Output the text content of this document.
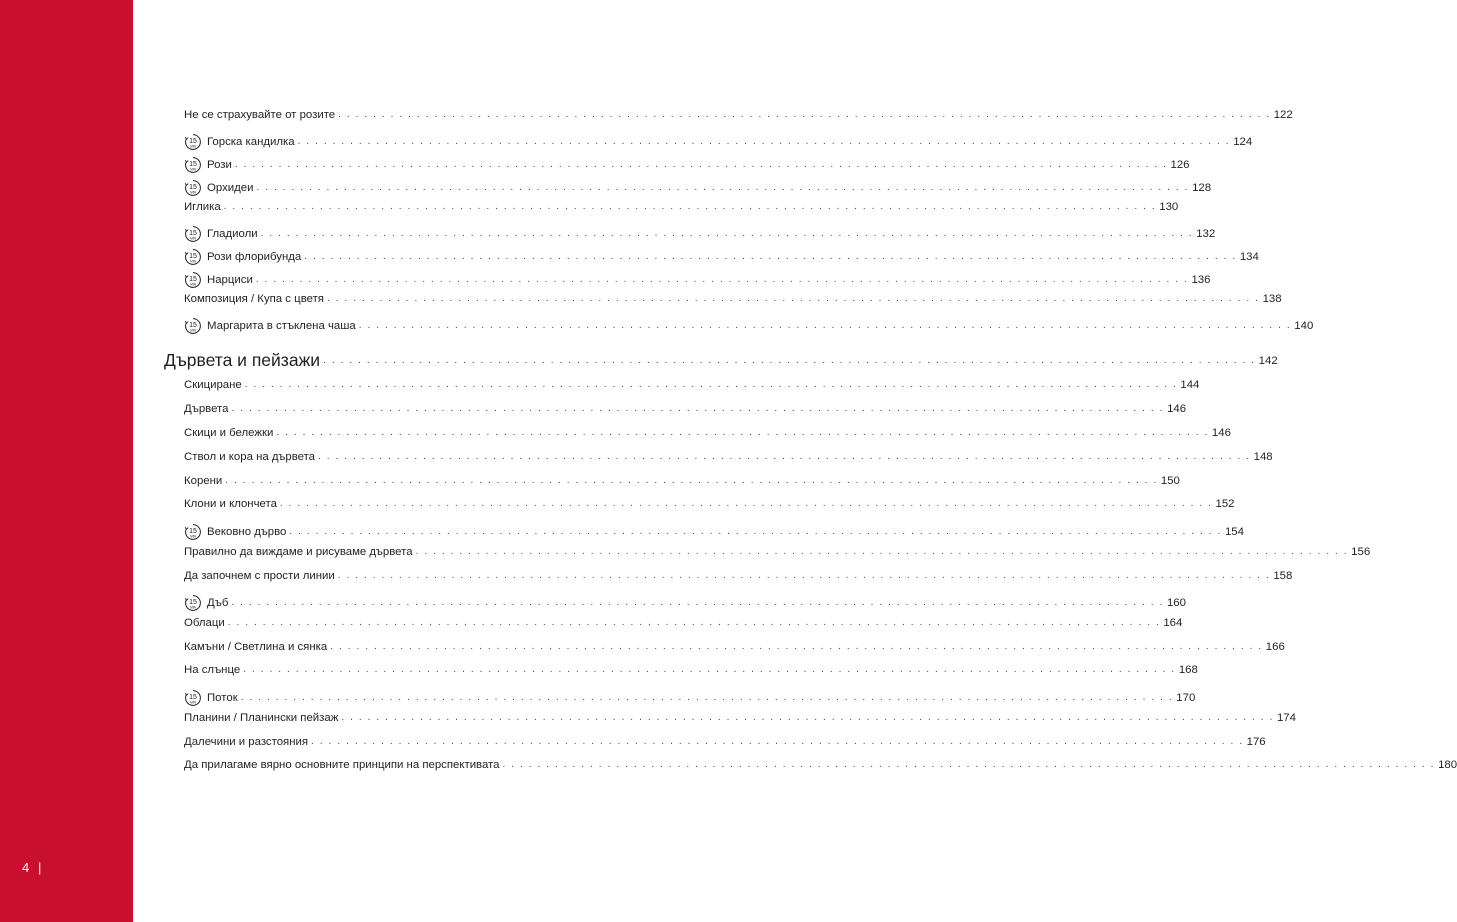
4 |
Не се страхувайте от розите . . . . . . . . . . . . . . . . . . . . . . . . . . . . . . . . . . . . . . . . . . . . . . . . . . . . . . . . . . . . . . . . . . . . . . . . . . . . . . . . . . . . . . . . . . . . . . . . . . . . . . . . . . . 122
15
MIN Горска кандилка . . . . . . . . . . . . . . . . . . . . . . . . . . . . . . . . . . . . . . . . . . . . . . . . . . . . . . . . . . . . . . . . . . . . . . . . . . . . . . . . . . . . . . . . . . . . . . . . . . . . . . . . . . . 124
15
MIN Рози . . . . . . . . . . . . . . . . . . . . . . . . . . . . . . . . . . . . . . . . . . . . . . . . . . . . . . . . . . . . . . . . . . . . . . . . . . . . . . . . . . . . . . . . . . . . . . . . . . . . . . . . . . . 126
15
MIN Орхидеи . . . . . . . . . . . . . . . . . . . . . . . . . . . . . . . . . . . . . . . . . . . . . . . . . . . . . . . . . . . . . . . . . . . . . . . . . . . . . . . . . . . . . . . . . . . . . . . . . . . . . . . . . . . 128
Иглика . . . . . . . . . . . . . . . . . . . . . . . . . . . . . . . . . . . . . . . . . . . . . . . . . . . . . . . . . . . . . . . . . . . . . . . . . . . . . . . . . . . . . . . . . . . . . . . . . . . . . . . . . . . 130
15
MIN Гладиоли . . . . . . . . . . . . . . . . . . . . . . . . . . . . . . . . . . . . . . . . . . . . . . . . . . . . . . . . . . . . . . . . . . . . . . . . . . . . . . . . . . . . . . . . . . . . . . . . . . . . . . . . . . . 132
15
MIN Рози флорибунда . . . . . . . . . . . . . . . . . . . . . . . . . . . . . . . . . . . . . . . . . . . . . . . . . . . . . . . . . . . . . . . . . . . . . . . . . . . . . . . . . . . . . . . . . . . . . . . . . . . . . . . . . . . 134
15
MIN Нарциси . . . . . . . . . . . . . . . . . . . . . . . . . . . . . . . . . . . . . . . . . . . . . . . . . . . . . . . . . . . . . . . . . . . . . . . . . . . . . . . . . . . . . . . . . . . . . . . . . . . . . . . . . . . 136
Композиция / Купа с цветя . . . . . . . . . . . . . . . . . . . . . . . . . . . . . . . . . . . . . . . . . . . . . . . . . . . . . . . . . . . . . . . . . . . . . . . . . . . . . . . . . . . . . . . . . . . . . . . . . . . . . . . . . . . 138
15
MIN Маргарита в стъклена чаша . . . . . . . . . . . . . . . . . . . . . . . . . . . . . . . . . . . . . . . . . . . . . . . . . . . . . . . . . . . . . . . . . . . . . . . . . . . . . . . . . . . . . . . . . . . . . . . . . . . . . . . . . . . 140
Дървета и пейзажи . . . . . . . . . . . . . . . . . . . . . . . . . . . . . . . . . . . . . . . . . . . . . . . . . . . . . . . . . . . . . . . . . . . . . . . . . . . . . . . . . . . . . . . . . . . . . . . . . . . . . . . . . . . 142
Скициране . . . . . . . . . . . . . . . . . . . . . . . . . . . . . . . . . . . . . . . . . . . . . . . . . . . . . . . . . . . . . . . . . . . . . . . . . . . . . . . . . . . . . . . . . . . . . . . . . . . . . . . . . . . 144
Дървета . . . . . . . . . . . . . . . . . . . . . . . . . . . . . . . . . . . . . . . . . . . . . . . . . . . . . . . . . . . . . . . . . . . . . . . . . . . . . . . . . . . . . . . . . . . . . . . . . . . . . . . . . . . 146
Скици и бележки . . . . . . . . . . . . . . . . . . . . . . . . . . . . . . . . . . . . . . . . . . . . . . . . . . . . . . . . . . . . . . . . . . . . . . . . . . . . . . . . . . . . . . . . . . . . . . . . . . . . . . . . . . . 146
Ствол и кора на дървета . . . . . . . . . . . . . . . . . . . . . . . . . . . . . . . . . . . . . . . . . . . . . . . . . . . . . . . . . . . . . . . . . . . . . . . . . . . . . . . . . . . . . . . . . . . . . . . . . . . . . . . . . . . 148
Корени . . . . . . . . . . . . . . . . . . . . . . . . . . . . . . . . . . . . . . . . . . . . . . . . . . . . . . . . . . . . . . . . . . . . . . . . . . . . . . . . . . . . . . . . . . . . . . . . . . . . . . . . . . . 150
Клони и клончета . . . . . . . . . . . . . . . . . . . . . . . . . . . . . . . . . . . . . . . . . . . . . . . . . . . . . . . . . . . . . . . . . . . . . . . . . . . . . . . . . . . . . . . . . . . . . . . . . . . . . . . . . . . 152
15
MIN Вековно дърво . . . . . . . . . . . . . . . . . . . . . . . . . . . . . . . . . . . . . . . . . . . . . . . . . . . . . . . . . . . . . . . . . . . . . . . . . . . . . . . . . . . . . . . . . . . . . . . . . . . . . . . . . . . 154
Правилно да виждаме и рисуваме дървета . . . . . . . . . . . . . . . . . . . . . . . . . . . . . . . . . . . . . . . . . . . . . . . . . . . . . . . . . . . . . . . . . . . . . . . . . . . . . . . . . . . . . . . . . . . . . . . . . . . . . . . . . . . 156
Да започнем с прости линии . . . . . . . . . . . . . . . . . . . . . . . . . . . . . . . . . . . . . . . . . . . . . . . . . . . . . . . . . . . . . . . . . . . . . . . . . . . . . . . . . . . . . . . . . . . . . . . . . . . . . . . . . . . 158
15
MIN Дъб . . . . . . . . . . . . . . . . . . . . . . . . . . . . . . . . . . . . . . . . . . . . . . . . . . . . . . . . . . . . . . . . . . . . . . . . . . . . . . . . . . . . . . . . . . . . . . . . . . . . . . . . . . . 160
Облаци . . . . . . . . . . . . . . . . . . . . . . . . . . . . . . . . . . . . . . . . . . . . . . . . . . . . . . . . . . . . . . . . . . . . . . . . . . . . . . . . . . . . . . . . . . . . . . . . . . . . . . . . . . . 164
Камъни / Светлина и сянка . . . . . . . . . . . . . . . . . . . . . . . . . . . . . . . . . . . . . . . . . . . . . . . . . . . . . . . . . . . . . . . . . . . . . . . . . . . . . . . . . . . . . . . . . . . . . . . . . . . . . . . . . . . 166
На слънце . . . . . . . . . . . . . . . . . . . . . . . . . . . . . . . . . . . . . . . . . . . . . . . . . . . . . . . . . . . . . . . . . . . . . . . . . . . . . . . . . . . . . . . . . . . . . . . . . . . . . . . . . . . 168
15
MIN Поток . . . . . . . . . . . . . . . . . . . . . . . . . . . . . . . . . . . . . . . . . . . . . . . . . . . . . . . . . . . . . . . . . . . . . . . . . . . . . . . . . . . . . . . . . . . . . . . . . . . . . . . . . . . 170
Планини / Планински пейзаж . . . . . . . . . . . . . . . . . . . . . . . . . . . . . . . . . . . . . . . . . . . . . . . . . . . . . . . . . . . . . . . . . . . . . . . . . . . . . . . . . . . . . . . . . . . . . . . . . . . . . . . . . . . 174
Далечини и разстояния . . . . . . . . . . . . . . . . . . . . . . . . . . . . . . . . . . . . . . . . . . . . . . . . . . . . . . . . . . . . . . . . . . . . . . . . . . . . . . . . . . . . . . . . . . . . . . . . . . . . . . . . . . . 176
Да прилагаме вярно основните принципи на перспективата . . . . . . . . . . . . . . . . . . . . . . . . . . . . . . . . . . . . . . . . . . . . . . . . . . . . . . . . . . . . . . . . . . . . . . . . . . . . . . . . . . . . . . . . . . . . . . . . . . . . . . . . . . . 180
